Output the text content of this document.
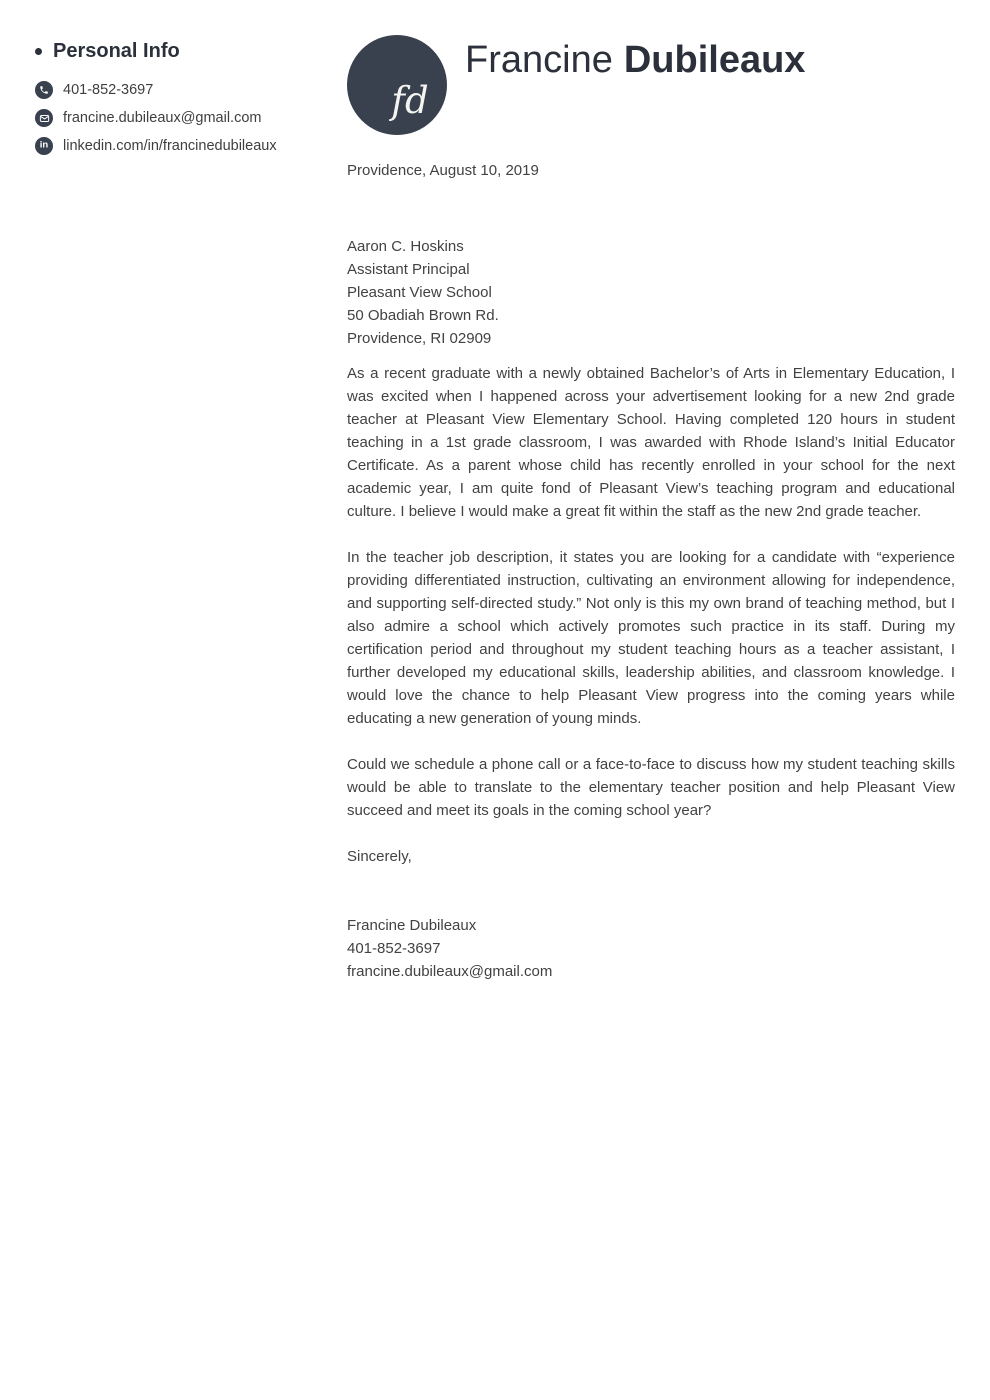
Personal Info
401-852-3697
francine.dubileaux@gmail.com
in linkedin.com/in/francinedubileaux
fd
Francine Dubileaux

Providence, August 10, 2019

Aaron C. Hoskins
Assistant Principal
Pleasant View School
50 Obadiah Brown Rd.
Providence, RI 02909

As a recent graduate with a newly obtained Bachelor’s of Arts in Elementary Education, I was excited when I happened across your advertisement looking for a new 2nd grade teacher at Pleasant View Elementary School. Having completed 120 hours in student teaching in a 1st grade classroom, I was awarded with Rhode Island’s Initial Educator Certificate. As a parent whose child has recently enrolled in your school for the next academic year, I am quite fond of Pleasant View’s teaching program and educational culture. I believe I would make a great fit within the staff as the new 2nd grade teacher.

In the teacher job description, it states you are looking for a candidate with “experience providing differentiated instruction, cultivating an environment allowing for independence, and supporting self-directed study.” Not only is this my own brand of teaching method, but I also admire a school which actively promotes such practice in its staff. During my certification period and throughout my student teaching hours as a teacher assistant, I further developed my educational skills, leadership abilities, and classroom knowledge. I would love the chance to help Pleasant View progress into the coming years while educating a new generation of young minds.

Could we schedule a phone call or a face-to-face to discuss how my student teaching skills would be able to translate to the elementary teacher position and help Pleasant View succeed and meet its goals in the coming school year?

Sincerely,

Francine Dubileaux
401-852-3697
francine.dubileaux@gmail.com
